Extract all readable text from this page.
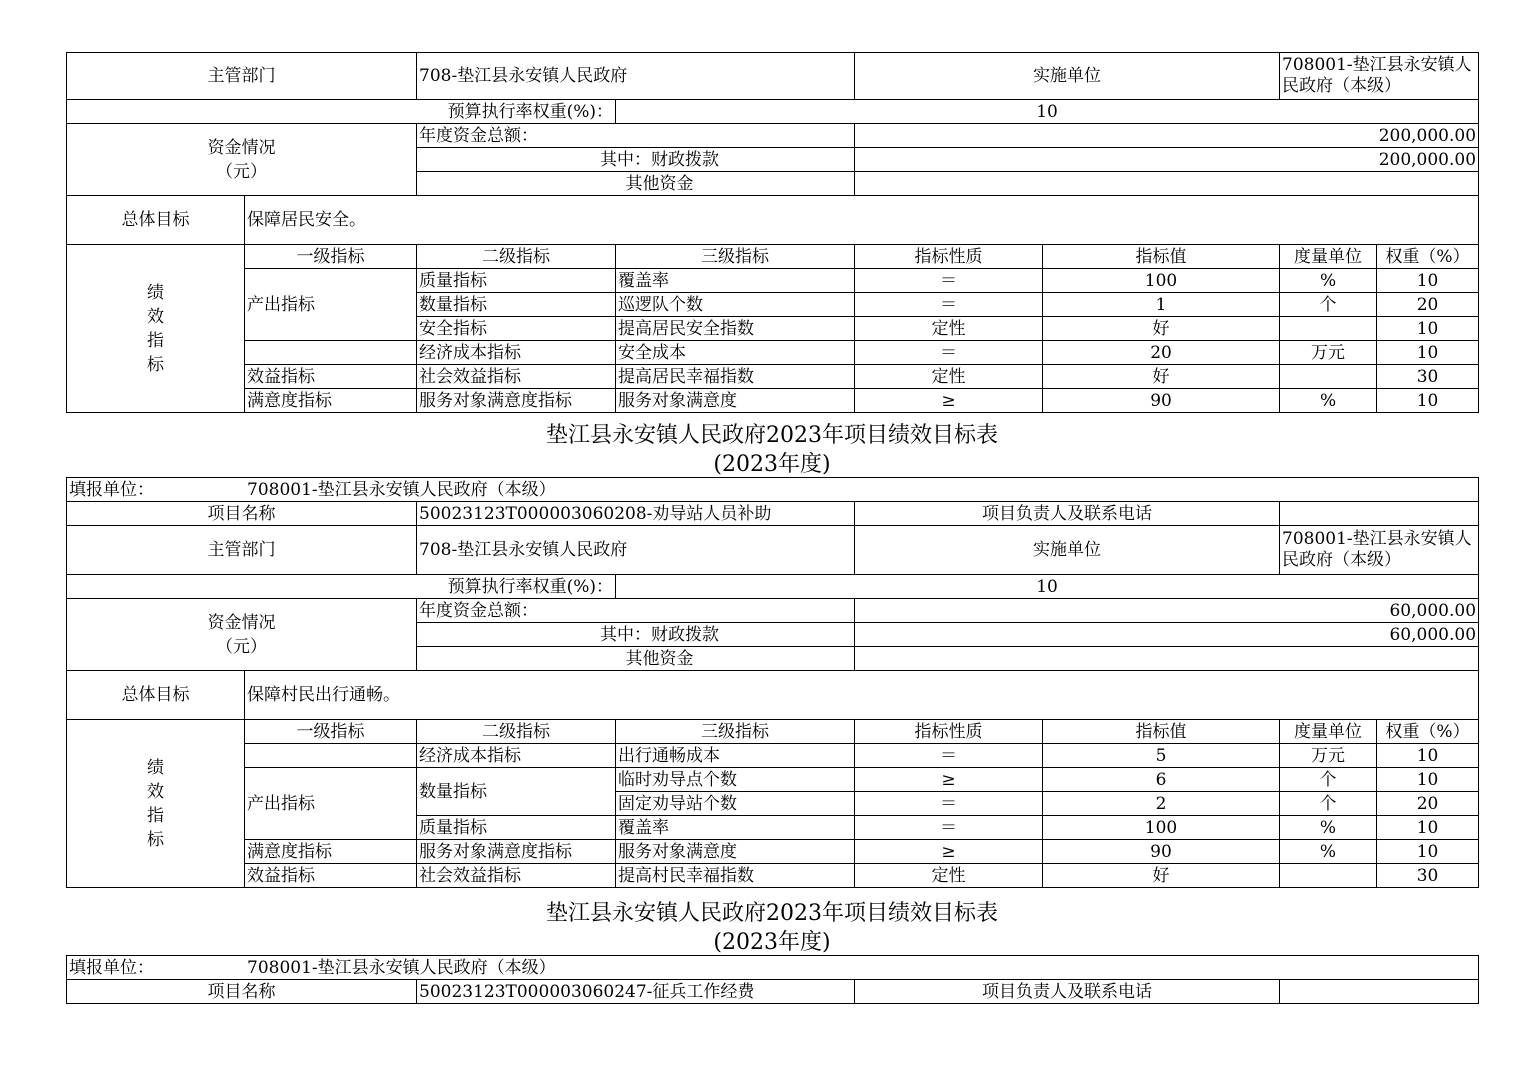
主管部门		708-垫江县永安镇人民政府		实施单位		708001-垫江县永安镇人民政府（本级）	
预算执行率权重(%)：			10				
资金情况
（元）		年度资金总额：		200,000.00			
		其中：财政拨款		200,000.00			
		其他资金					
总体目标	保障居民安全。						
绩效指标	一级指标	二级指标	三级指标	指标性质	指标值	度量单位	权重（%）
	产出指标	质量指标	覆盖率	＝	100	%	10
		数量指标	巡逻队个数	＝	1	个	20
		安全指标	提高居民安全指数	定性	好		10
		经济成本指标	安全成本	＝	20	万元	10
	效益指标	社会效益指标	提高居民幸福指数	定性	好		30
	满意度指标	服务对象满意度指标	服务对象满意度	≥	90	%	10
垫江县永安镇人民政府2023年项目绩效目标表
(2023年度)
填报单位： 708001-垫江县永安镇人民政府（本级）							
项目名称		50023123T000003060208-劝导站人员补助		项目负责人及联系电话			
主管部门		708-垫江县永安镇人民政府		实施单位		708001-垫江县永安镇人民政府（本级）	
预算执行率权重(%)：			10				
资金情况
（元）		年度资金总额：		60,000.00			
		其中：财政拨款		60,000.00			
		其他资金					
总体目标	保障村民出行通畅。						
绩效指标	一级指标	二级指标	三级指标	指标性质	指标值	度量单位	权重（%）
		经济成本指标	出行通畅成本	＝	5	万元	10
	产出指标	数量指标	临时劝导点个数	≥	6	个	10
			固定劝导站个数	＝	2	个	20
		质量指标	覆盖率	＝	100	%	10
	满意度指标	服务对象满意度指标	服务对象满意度	≥	90	%	10
	效益指标	社会效益指标	提高村民幸福指数	定性	好		30
垫江县永安镇人民政府2023年项目绩效目标表
(2023年度)
填报单位：	708001-垫江县永安镇人民政府（本级）
项目名称	50023123T000003060247-征兵工作经费	项目负责人及联系电话	
